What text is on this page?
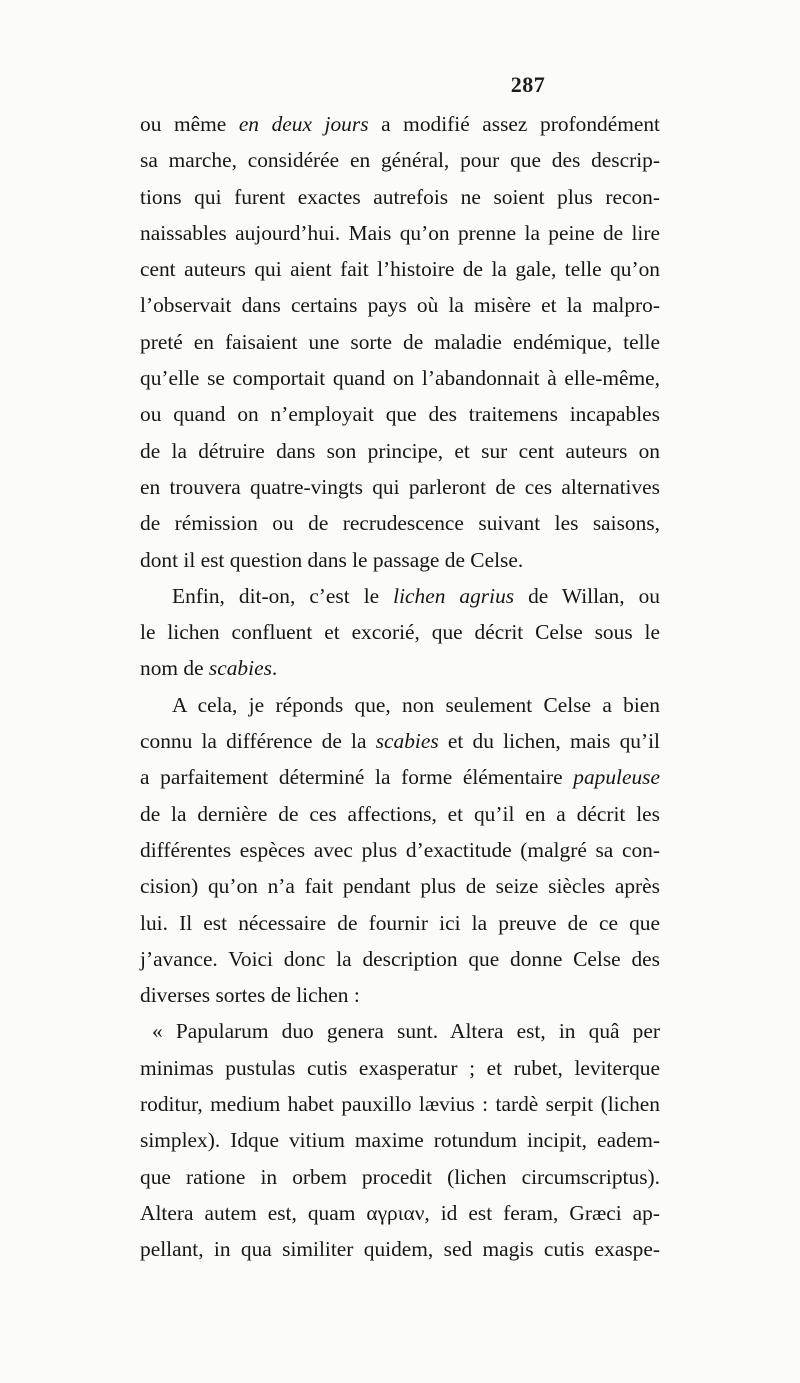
287
ou même en deux jours a modifié assez profondément
sa marche, considérée en général, pour que des descrip-
tions qui furent exactes autrefois ne soient plus recon-
naissables aujourd’hui. Mais qu’on prenne la peine de lire
cent auteurs qui aient fait l’histoire de la gale, telle qu’on
l’observait dans certains pays où la misère et la malpro-
preté en faisaient une sorte de maladie endémique, telle
qu’elle se comportait quand on l’abandonnait à elle-même,
ou quand on n’employait que des traitemens incapables
de la détruire dans son principe, et sur cent auteurs on
en trouvera quatre-vingts qui parleront de ces alternatives
de rémission ou de recrudescence suivant les saisons,
dont il est question dans le passage de Celse.
Enfin, dit-on, c’est le lichen agrius de Willan, ou
le lichen confluent et excorié, que décrit Celse sous le
nom de scabies.
A cela, je réponds que, non seulement Celse a bien
connu la différence de la scabies et du lichen, mais qu’il
a parfaitement déterminé la forme élémentaire papuleuse
de la dernière de ces affections, et qu’il en a décrit les
différentes espèces avec plus d’exactitude (malgré sa con-
cision) qu’on n’a fait pendant plus de seize siècles après
lui. Il est nécessaire de fournir ici la preuve de ce que
j’avance. Voici donc la description que donne Celse des
diverses sortes de lichen :
« Papularum duo genera sunt. Altera est, in quâ per
minimas pustulas cutis exasperatur ; et rubet, leviterque
roditur, medium habet pauxillo lævius : tardè serpit (lichen
simplex). Idque vitium maxime rotundum incipit, eadem-
que ratione in orbem procedit (lichen circumscriptus).
Altera autem est, quam αγριαν, id est feram, Græci ap-
pellant, in qua similiter quidem, sed magis cutis exaspe-
